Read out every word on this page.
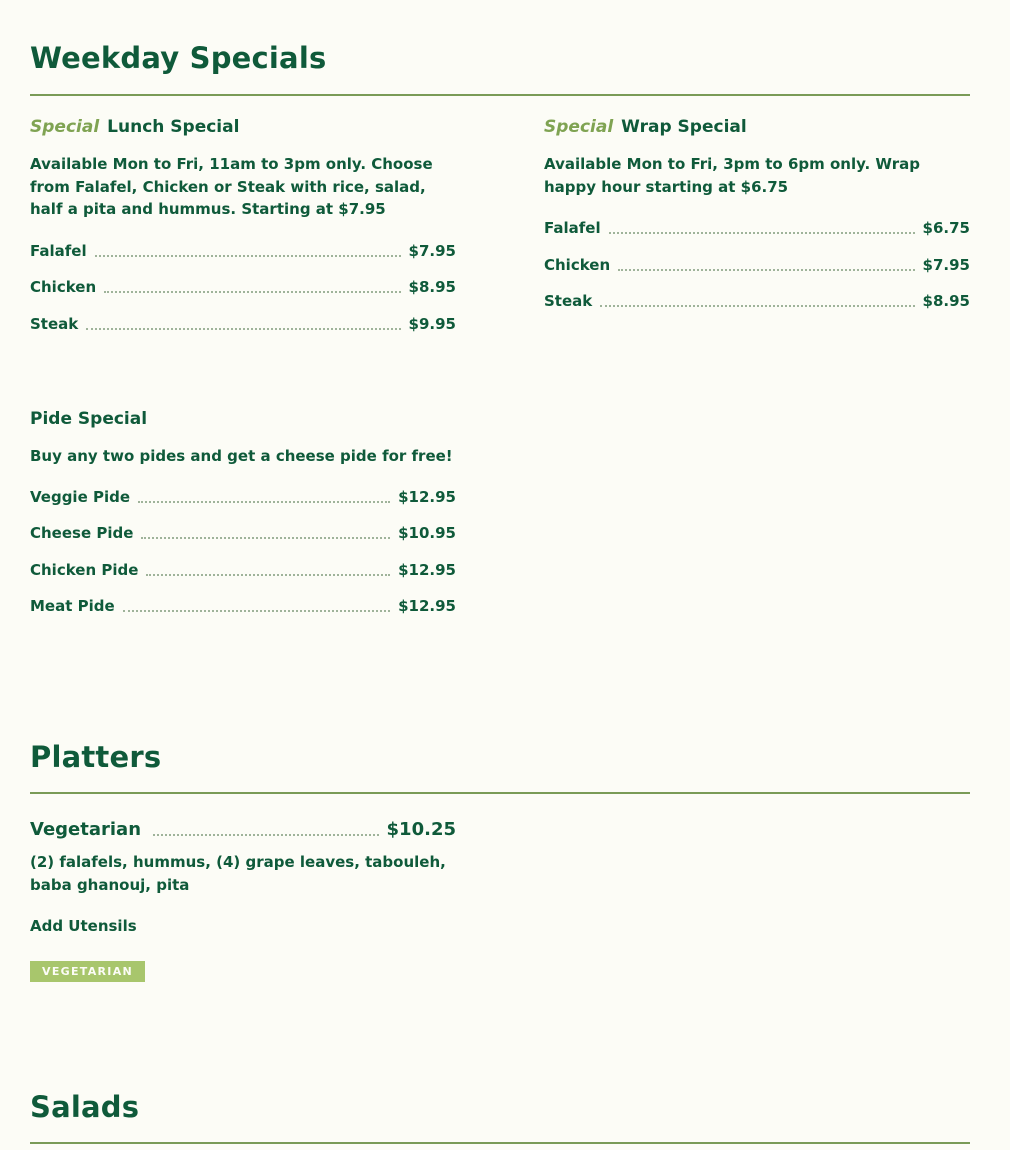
Weekday Specials
Special Lunch Special
Available Mon to Fri, 11am to 3pm only. Choose from Falafel, Chicken or Steak with rice, salad, half a pita and hummus. Starting at $7.95
Falafel	$7.95
Chicken	$8.95
Steak	$9.95
Special Wrap Special
Available Mon to Fri, 3pm to 6pm only. Wrap happy hour starting at $6.75
Falafel	$6.75
Chicken	$7.95
Steak	$8.95
Pide Special
Buy any two pides and get a cheese pide for free!
Veggie Pide	$12.95
Cheese Pide	$10.95
Chicken Pide	$12.95
Meat Pide	$12.95
Platters
Vegetarian	$10.25
(2) falafels, hummus, (4) grape leaves, tabouleh, baba ghanouj, pita
Add Utensils
VEGETARIAN
Salads
